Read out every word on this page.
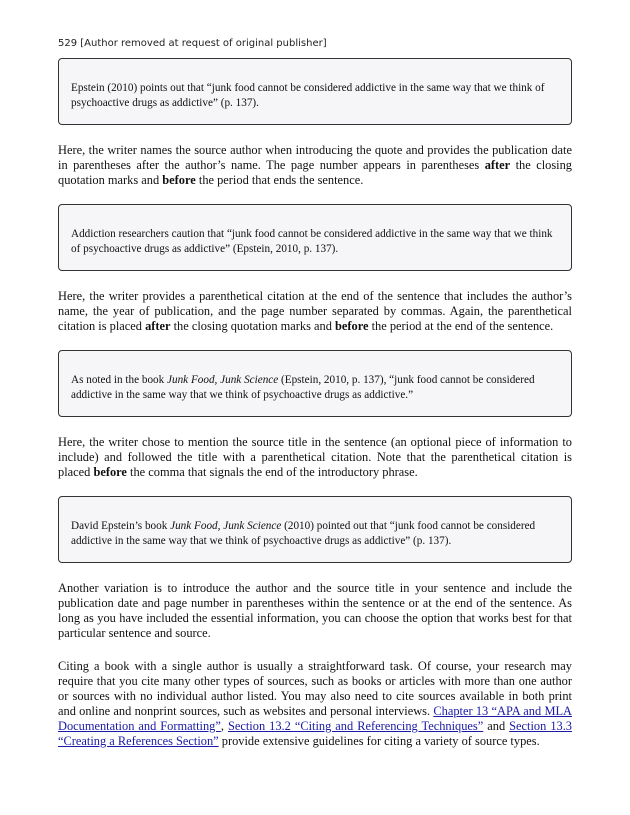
529 [Author removed at request of original publisher]
Epstein (2010) points out that “junk food cannot be considered addictive in the same way that we think of psychoactive drugs as addictive” (p. 137).

Here, the writer names the source author when introducing the quote and provides the publication date in parentheses after the author’s name. The page number appears in parentheses after the closing quotation marks and before the period that ends the sentence.

Addiction researchers caution that “junk food cannot be considered addictive in the same way that we think of psychoactive drugs as addictive” (Epstein, 2010, p. 137).

Here, the writer provides a parenthetical citation at the end of the sentence that includes the author’s name, the year of publication, and the page number separated by commas. Again, the parenthetical citation is placed after the closing quotation marks and before the period at the end of the sentence.

As noted in the book Junk Food, Junk Science (Epstein, 2010, p. 137), “junk food cannot be considered addictive in the same way that we think of psychoactive drugs as addictive.”

Here, the writer chose to mention the source title in the sentence (an optional piece of information to include) and followed the title with a parenthetical citation. Note that the parenthetical citation is placed before the comma that signals the end of the introductory phrase.

David Epstein’s book Junk Food, Junk Science (2010) pointed out that “junk food cannot be considered addictive in the same way that we think of psychoactive drugs as addictive” (p. 137).

Another variation is to introduce the author and the source title in your sentence and include the publication date and page number in parentheses within the sentence or at the end of the sentence. As long as you have included the essential information, you can choose the option that works best for that particular sentence and source.

Citing a book with a single author is usually a straightforward task. Of course, your research may require that you cite many other types of sources, such as books or articles with more than one author or sources with no individual author listed. You may also need to cite sources available in both print and online and nonprint sources, such as websites and personal interviews. Chapter 13 “APA and MLA Documentation and Formatting”, Section 13.2 “Citing and Referencing Techniques” and Section 13.3 “Creating a References Section” provide extensive guidelines for citing a variety of source types.
